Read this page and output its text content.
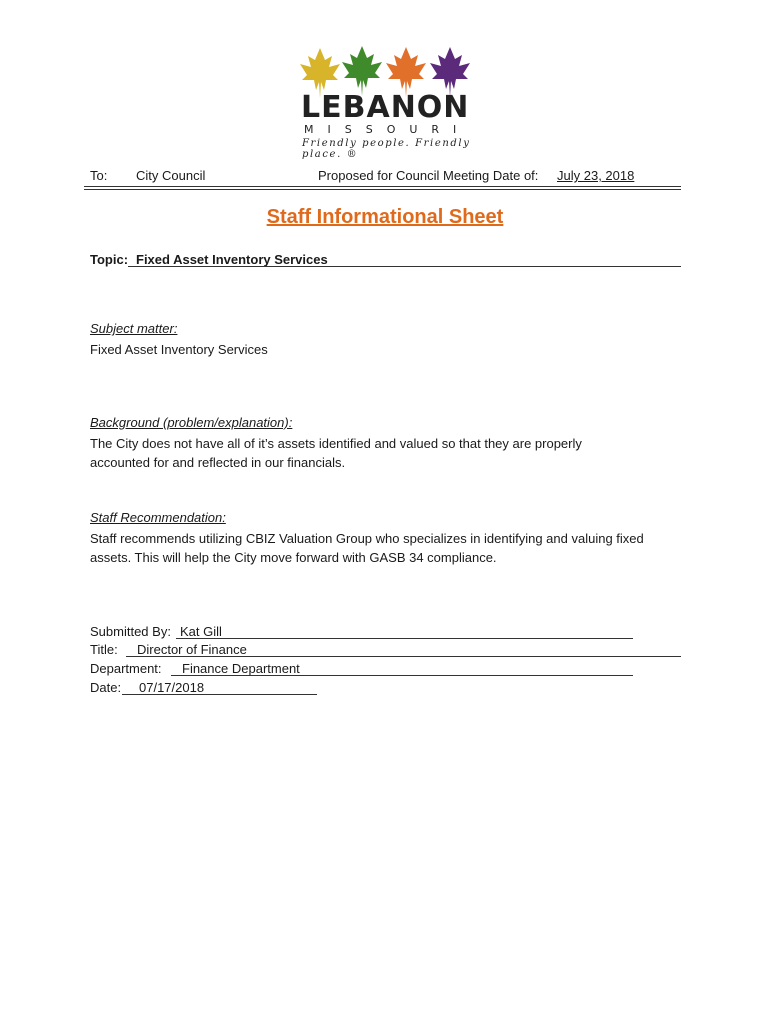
LEBANON
MISSOURI
Friendly people. Friendly place. ®
To: City Council	Proposed for Council Meeting Date of: July 23, 2018
Staff Informational Sheet
Topic: Fixed Asset Inventory Services
Subject matter:
Fixed Asset Inventory Services
Background (problem/explanation):
The City does not have all of it’s assets identified and valued so that they are properly
accounted for and reflected in our financials.
Staff Recommendation:
Staff recommends utilizing CBIZ Valuation Group who specializes in identifying and valuing fixed
assets. This will help the City move forward with GASB 34 compliance.
Submitted By: Kat Gill
Title: Director of Finance
Department: Finance Department
Date: 07/17/2018
